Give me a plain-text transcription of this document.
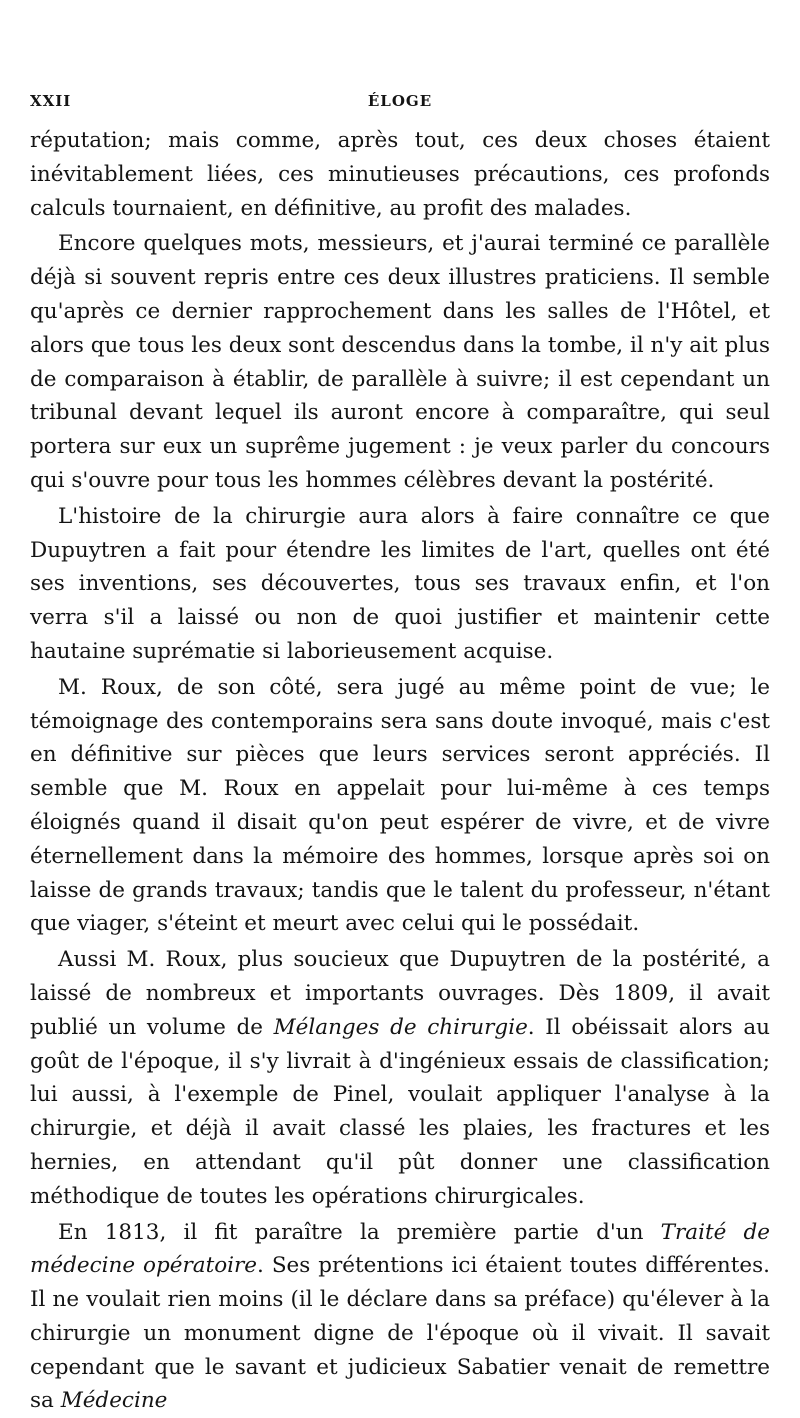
XXII	ÉLOGE

réputation; mais comme, après tout, ces deux choses étaient inévitablement liées, ces minutieuses précautions, ces profonds calculs tournaient, en définitive, au profit des malades.

Encore quelques mots, messieurs, et j'aurai terminé ce parallèle déjà si souvent repris entre ces deux illustres praticiens. Il semble qu'après ce dernier rapprochement dans les salles de l'Hôtel, et alors que tous les deux sont descendus dans la tombe, il n'y ait plus de comparaison à établir, de parallèle à suivre; il est cependant un tribunal devant lequel ils auront encore à comparaître, qui seul portera sur eux un suprême jugement : je veux parler du concours qui s'ouvre pour tous les hommes célèbres devant la postérité.

L'histoire de la chirurgie aura alors à faire connaître ce que Dupuytren a fait pour étendre les limites de l'art, quelles ont été ses inventions, ses découvertes, tous ses travaux enfin, et l'on verra s'il a laissé ou non de quoi justifier et maintenir cette hautaine suprématie si laborieusement acquise.

M. Roux, de son côté, sera jugé au même point de vue; le témoignage des contemporains sera sans doute invoqué, mais c'est en définitive sur pièces que leurs services seront appréciés. Il semble que M. Roux en appelait pour lui-même à ces temps éloignés quand il disait qu'on peut espérer de vivre, et de vivre éternellement dans la mémoire des hommes, lorsque après soi on laisse de grands travaux; tandis que le talent du professeur, n'étant que viager, s'éteint et meurt avec celui qui le possédait.

Aussi M. Roux, plus soucieux que Dupuytren de la postérité, a laissé de nombreux et importants ouvrages. Dès 1809, il avait publié un volume de Mélanges de chirurgie. Il obéissait alors au goût de l'époque, il s'y livrait à d'ingénieux essais de classification; lui aussi, à l'exemple de Pinel, voulait appliquer l'analyse à la chirurgie, et déjà il avait classé les plaies, les fractures et les hernies, en attendant qu'il pût donner une classification méthodique de toutes les opérations chirurgicales.

En 1813, il fit paraître la première partie d'un Traité de médecine opératoire. Ses prétentions ici étaient toutes différentes. Il ne voulait rien moins (il le déclare dans sa préface) qu'élever à la chirurgie un monument digne de l'époque où il vivait. Il savait cependant que le savant et judicieux Sabatier venait de remettre sa Médecine
